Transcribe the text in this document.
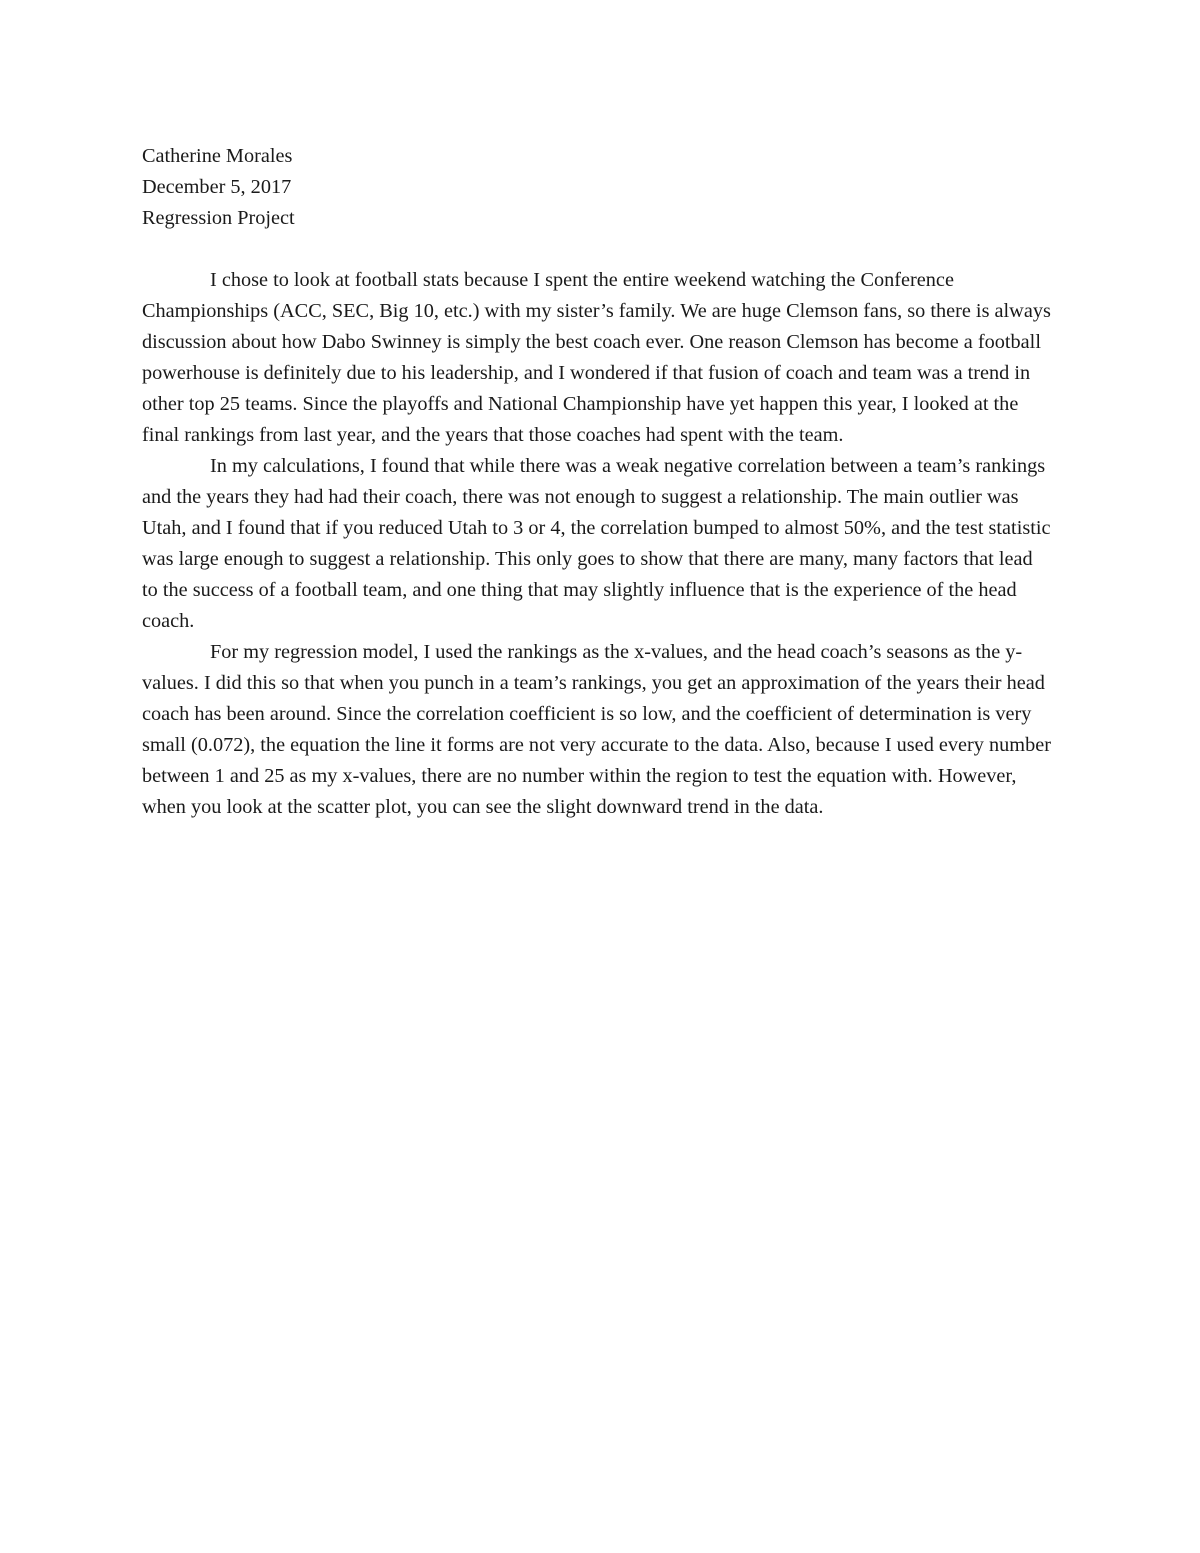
Catherine Morales

December 5, 2017

Regression Project

I chose to look at football stats because I spent the entire weekend watching the Conference Championships (ACC, SEC, Big 10, etc.) with my sister’s family. We are huge Clemson fans, so there is always discussion about how Dabo Swinney is simply the best coach ever. One reason Clemson has become a football powerhouse is definitely due to his leadership, and I wondered if that fusion of coach and team was a trend in other top 25 teams. Since the playoffs and National Championship have yet happen this year, I looked at the final rankings from last year, and the years that those coaches had spent with the team.

In my calculations, I found that while there was a weak negative correlation between a team’s rankings and the years they had had their coach, there was not enough to suggest a relationship. The main outlier was Utah, and I found that if you reduced Utah to 3 or 4, the correlation bumped to almost 50%, and the test statistic was large enough to suggest a relationship. This only goes to show that there are many, many factors that lead to the success of a football team, and one thing that may slightly influence that is the experience of the head coach.

For my regression model, I used the rankings as the x-values, and the head coach’s seasons as the y-values. I did this so that when you punch in a team’s rankings, you get an approximation of the years their head coach has been around. Since the correlation coefficient is so low, and the coefficient of determination is very small (0.072), the equation the line it forms are not very accurate to the data. Also, because I used every number between 1 and 25 as my x-values, there are no number within the region to test the equation with. However, when you look at the scatter plot, you can see the slight downward trend in the data.
